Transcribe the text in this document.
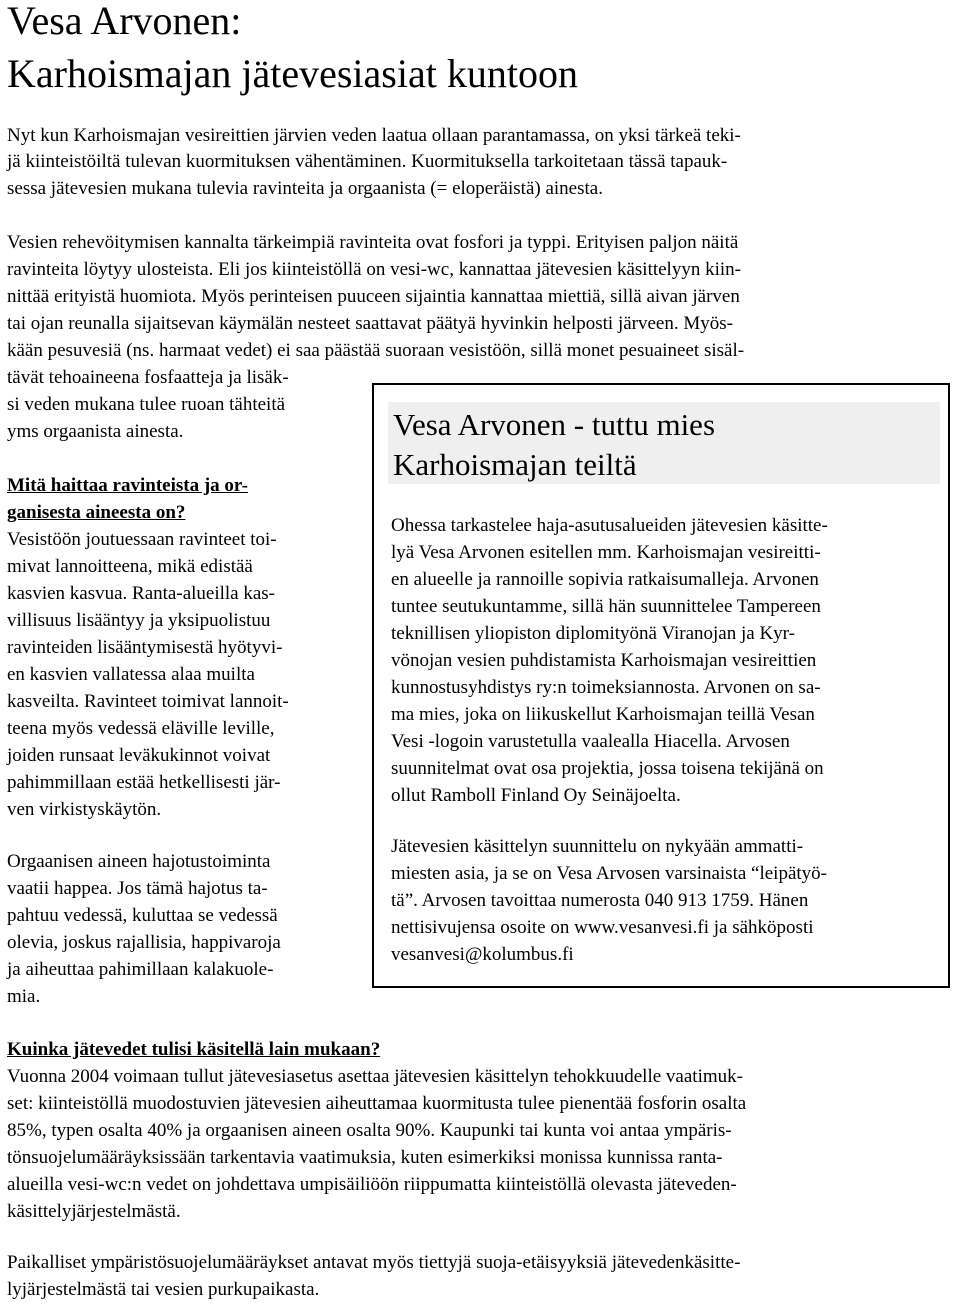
Vesa Arvonen:
Karhoismajan jätevesiasiat kuntoon
Nyt kun Karhoismajan vesireittien järvien veden laatua ollaan parantamassa, on yksi tärkeä teki-
jä kiinteistöiltä tulevan kuormituksen vähentäminen. Kuormituksella tarkoitetaan tässä tapauk-
sessa jätevesien mukana tulevia ravinteita ja orgaanista (= eloperäistä) ainesta.
Vesien rehevöitymisen kannalta tärkeimpiä ravinteita ovat fosfori ja typpi. Erityisen paljon näitä
ravinteita löytyy ulosteista. Eli jos kiinteistöllä on vesi-wc, kannattaa jätevesien käsittelyyn kiin-
nittää erityistä huomiota. Myös perinteisen puuceen sijaintia kannattaa miettiä, sillä aivan järven
tai ojan reunalla sijaitsevan käymälän nesteet saattavat päätyä hyvinkin helposti järveen. Myös-
kään pesuvesiä (ns. harmaat vedet) ei saa päästää suoraan vesistöön, sillä monet pesuaineet sisäl-
tävät tehoaineena fosfaatteja ja lisäk-
si veden mukana tulee ruoan tähteitä
yms orgaanista ainesta.
Mitä haittaa ravinteista ja or-
ganisesta aineesta on?
Vesistöön joutuessaan ravinteet toi-
mivat lannoitteena, mikä edistää
kasvien kasvua. Ranta-alueilla kas-
villisuus lisääntyy ja yksipuolistuu
ravinteiden lisääntymisestä hyötyvi-
en kasvien vallatessa alaa muilta
kasveilta. Ravinteet toimivat lannoit-
teena myös vedessä eläville leville,
joiden runsaat leväkukinnot voivat
pahimmillaan estää hetkellisesti jär-
ven virkistyskäytön.
Orgaanisen aineen hajotustoiminta
vaatii happea. Jos tämä hajotus ta-
pahtuu vedessä, kuluttaa se vedessä
olevia, joskus rajallisia, happivaroja
ja aiheuttaa pahimillaan kalakuole-
mia.
Vesa Arvonen - tuttu mies
Karhoismajan teiltä
Ohessa tarkastelee haja-asutusalueiden jätevesien käsitte-
lyä Vesa Arvonen esitellen mm. Karhoismajan vesireitti-
en alueelle ja rannoille sopivia ratkaisumalleja. Arvonen
tuntee seutukuntamme, sillä hän suunnittelee Tampereen
teknillisen yliopiston diplomityönä Viranojan ja Kyr-
vönojan vesien puhdistamista Karhoismajan vesireittien
kunnostusyhdistys ry:n toimeksiannosta. Arvonen on sa-
ma mies, joka on liikuskellut Karhoismajan teillä Vesan
Vesi -logoin varustetulla vaalealla Hiacella. Arvosen
suunnitelmat ovat osa projektia, jossa toisena tekijänä on
ollut Ramboll Finland Oy Seinäjoelta.
Jätevesien käsittelyn suunnittelu on nykyään ammatti-
miesten asia, ja se on Vesa Arvosen varsinaista “leipätyö-
tä”. Arvosen tavoittaa numerosta 040 913 1759. Hänen
nettisivujensa osoite on www.vesanvesi.fi ja sähköposti
vesanvesi@kolumbus.fi
Kuinka jätevedet tulisi käsitellä lain mukaan?
Vuonna 2004 voimaan tullut jätevesiasetus asettaa jätevesien käsittelyn tehokkuudelle vaatimuk-
set: kiinteistöllä muodostuvien jätevesien aiheuttamaa kuormitusta tulee pienentää fosforin osalta
85%, typen osalta 40% ja orgaanisen aineen osalta 90%. Kaupunki tai kunta voi antaa ympäris-
tönsuojelumääräyksissään tarkentavia vaatimuksia, kuten esimerkiksi monissa kunnissa ranta-
alueilla vesi-wc:n vedet on johdettava umpisäiliöön riippumatta kiinteistöllä olevasta jäteveden-
käsittelyjärjestelmästä.
Paikalliset ympäristösuojelumääräykset antavat myös tiettyjä suoja-etäisyyksiä jätevedenkäsitte-
lyjärjestelmästä tai vesien purkupaikasta.
